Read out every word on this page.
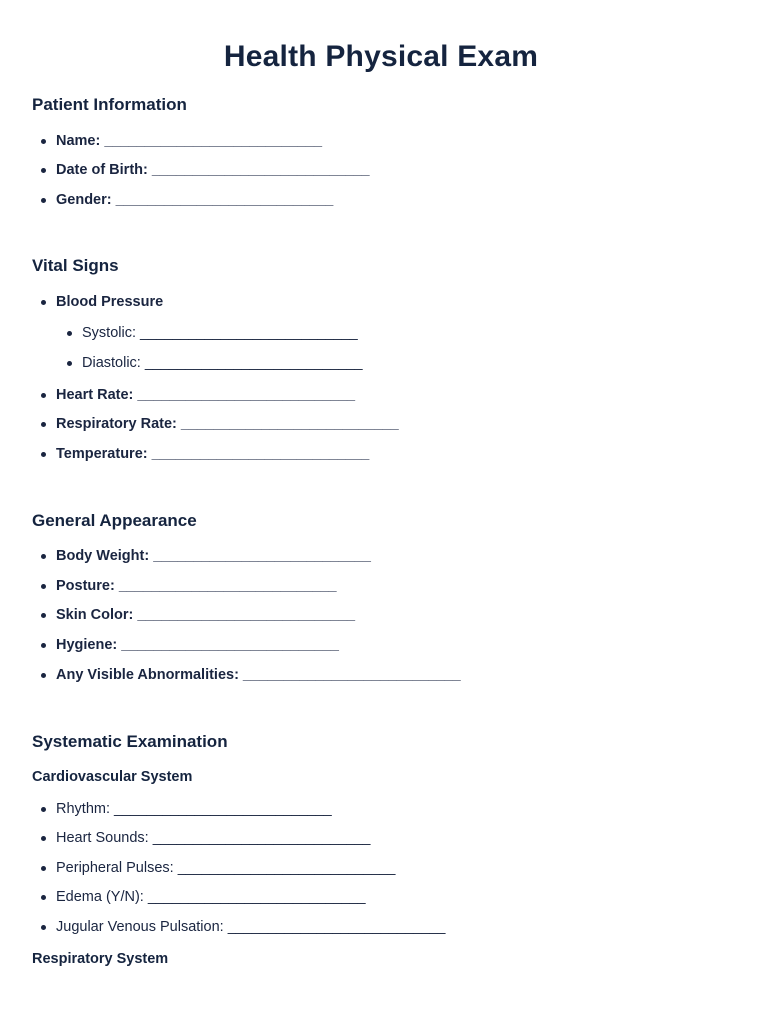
Health Physical Exam
Patient Information
Name: ___________________________
Date of Birth: ___________________________
Gender: ___________________________
Vital Signs
Blood Pressure
Systolic: ___________________________
Diastolic: ___________________________
Heart Rate: ___________________________
Respiratory Rate: ___________________________
Temperature: ___________________________
General Appearance
Body Weight: ___________________________
Posture: ___________________________
Skin Color: ___________________________
Hygiene: ___________________________
Any Visible Abnormalities: ___________________________
Systematic Examination
Cardiovascular System
Rhythm: ___________________________
Heart Sounds: ___________________________
Peripheral Pulses: ___________________________
Edema (Y/N): ___________________________
Jugular Venous Pulsation: ___________________________
Respiratory System
